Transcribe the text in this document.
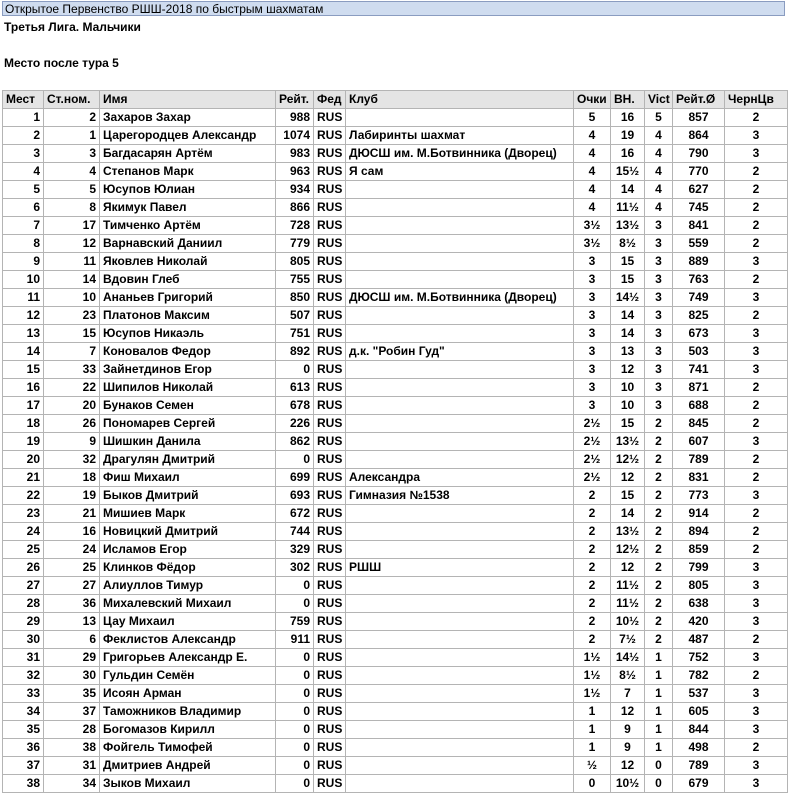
Открытое Первенство РШШ-2018 по быстрым шахматам
Третья Лига. Мальчики
Место после тура 5
Мест	Ст.ном.	Имя	Рейт.	Фед	Клуб	Очки	ВН.	Vict	Рейт.Ø	ЧернЦв
1	2	Захаров Захар	988	RUS		5	16	5	857	2
2	1	Царегородцев Александр	1074	RUS	Лабиринты шахмат	4	19	4	864	3
3	3	Багдасарян Артём	983	RUS	ДЮСШ им. М.Ботвинника (Дворец)	4	16	4	790	3
4	4	Степанов Марк	963	RUS	Я сам	4	15½	4	770	2
5	5	Юсупов Юлиан	934	RUS		4	14	4	627	2
6	8	Якимук Павел	866	RUS		4	11½	4	745	2
7	17	Тимченко Артём	728	RUS		3½	13½	3	841	2
8	12	Варнавский Даниил	779	RUS		3½	8½	3	559	2
9	11	Яковлев Николай	805	RUS		3	15	3	889	3
10	14	Вдовин Глеб	755	RUS		3	15	3	763	2
11	10	Ананьев Григорий	850	RUS	ДЮСШ им. М.Ботвинника (Дворец)	3	14½	3	749	3
12	23	Платонов Максим	507	RUS		3	14	3	825	2
13	15	Юсупов Никаэль	751	RUS		3	14	3	673	3
14	7	Коновалов Федор	892	RUS	д.к. "Робин Гуд"	3	13	3	503	3
15	33	Зайнетдинов Егор	0	RUS		3	12	3	741	3
16	22	Шипилов Николай	613	RUS		3	10	3	871	2
17	20	Бунаков Семен	678	RUS		3	10	3	688	2
18	26	Пономарев Сергей	226	RUS		2½	15	2	845	2
19	9	Шишкин Данила	862	RUS		2½	13½	2	607	3
20	32	Драгулян Дмитрий	0	RUS		2½	12½	2	789	2
21	18	Фиш Михаил	699	RUS	Александра	2½	12	2	831	2
22	19	Быков Дмитрий	693	RUS	Гимназия №1538	2	15	2	773	3
23	21	Мишиев Марк	672	RUS		2	14	2	914	2
24	16	Новицкий Дмитрий	744	RUS		2	13½	2	894	2
25	24	Исламов Егор	329	RUS		2	12½	2	859	2
26	25	Клинков Фёдор	302	RUS	РШШ	2	12	2	799	3
27	27	Алиуллов Тимур	0	RUS		2	11½	2	805	3
28	36	Михалевский Михаил	0	RUS		2	11½	2	638	3
29	13	Цау Михаил	759	RUS		2	10½	2	420	3
30	6	Феклистов Александр	911	RUS		2	7½	2	487	2
31	29	Григорьев Александр Е.	0	RUS		1½	14½	1	752	3
32	30	Гульдин Семён	0	RUS		1½	8½	1	782	2
33	35	Исоян Арман	0	RUS		1½	7	1	537	3
34	37	Таможников Владимир	0	RUS		1	12	1	605	3
35	28	Богомазов Кирилл	0	RUS		1	9	1	844	3
36	38	Фойгель Тимофей	0	RUS		1	9	1	498	2
37	31	Дмитриев Андрей	0	RUS		½	12	0	789	3
38	34	Зыков Михаил	0	RUS		0	10½	0	679	3
